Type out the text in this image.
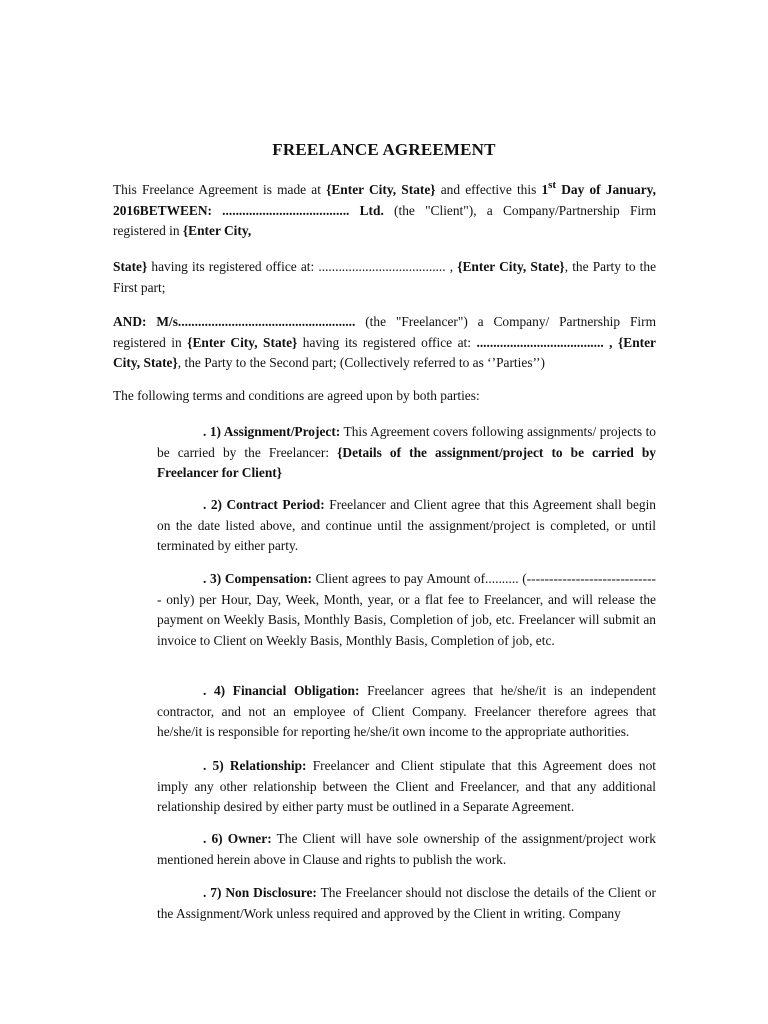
FREELANCE AGREEMENT

This Freelance Agreement is made at {Enter City, State} and effective this 1st Day of January, 2016BETWEEN: ...................................... Ltd. (the "Client"), a Company/Partnership Firm registered in {Enter City,

State} having its registered office at: ...................................... , {Enter City, State}, the Party to the First part;

AND: M/s..................................................... (the "Freelancer") a Company/ Partnership Firm registered in {Enter City, State} having its registered office at: ...................................... , {Enter City, State}, the Party to the Second part; (Collectively referred to as ‘’Parties’’)

The following terms and conditions are agreed upon by both parties:

. 1) Assignment/Project: This Agreement covers following assignments/ projects to be carried by the Freelancer: {Details of the assignment/project to be carried by Freelancer for Client}

. 2) Contract Period: Freelancer and Client agree that this Agreement shall begin on the date listed above, and continue until the assignment/project is completed, or until terminated by either party.

. 3) Compensation: Client agrees to pay Amount of.......... (------------------------------ only) per Hour, Day, Week, Month, year, or a flat fee to Freelancer, and will release the payment on Weekly Basis, Monthly Basis, Completion of job, etc. Freelancer will submit an invoice to Client on Weekly Basis, Monthly Basis, Completion of job, etc.

. 4) Financial Obligation: Freelancer agrees that he/she/it is an independent contractor, and not an employee of Client Company. Freelancer therefore agrees that he/she/it is responsible for reporting he/she/it own income to the appropriate authorities.

. 5) Relationship: Freelancer and Client stipulate that this Agreement does not imply any other relationship between the Client and Freelancer, and that any additional relationship desired by either party must be outlined in a Separate Agreement.

. 6) Owner: The Client will have sole ownership of the assignment/project work mentioned herein above in Clause and rights to publish the work.

. 7) Non Disclosure: The Freelancer should not disclose the details of the Client or the Assignment/Work unless required and approved by the Client in writing. Company
